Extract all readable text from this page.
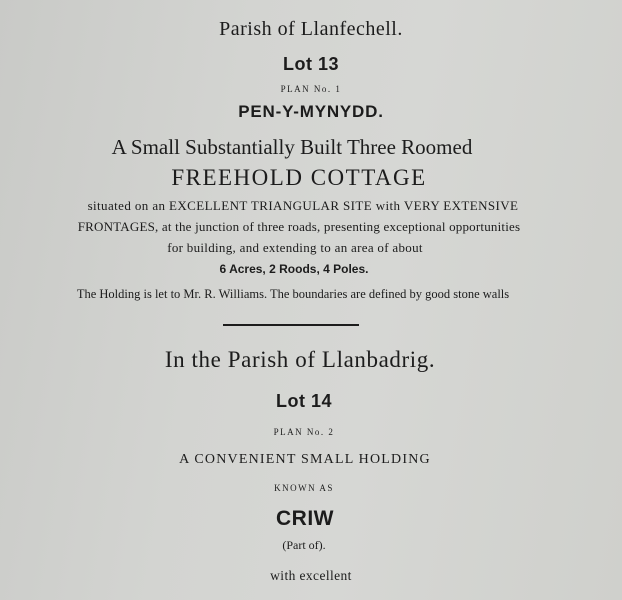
Parish of Llanfechell.
Lot 13
PLAN No. 1
PEN-Y-MYNYDD.
A Small Substantially Built Three Roomed
FREEHOLD COTTAGE
situated on an EXCELLENT TRIANGULAR SITE with VERY EXTENSIVE
FRONTAGES, at the junction of three roads, presenting exceptional opportunities
for building, and extending to an area of about
6 Acres, 2 Roods, 4 Poles.
The Holding is let to Mr. R. Williams. The boundaries are defined by good stone walls
In the Parish of Llanbadrig.
Lot 14
PLAN No. 2
A CONVENIENT SMALL HOLDING
KNOWN AS
CRIW
(Part of).
with excellent
